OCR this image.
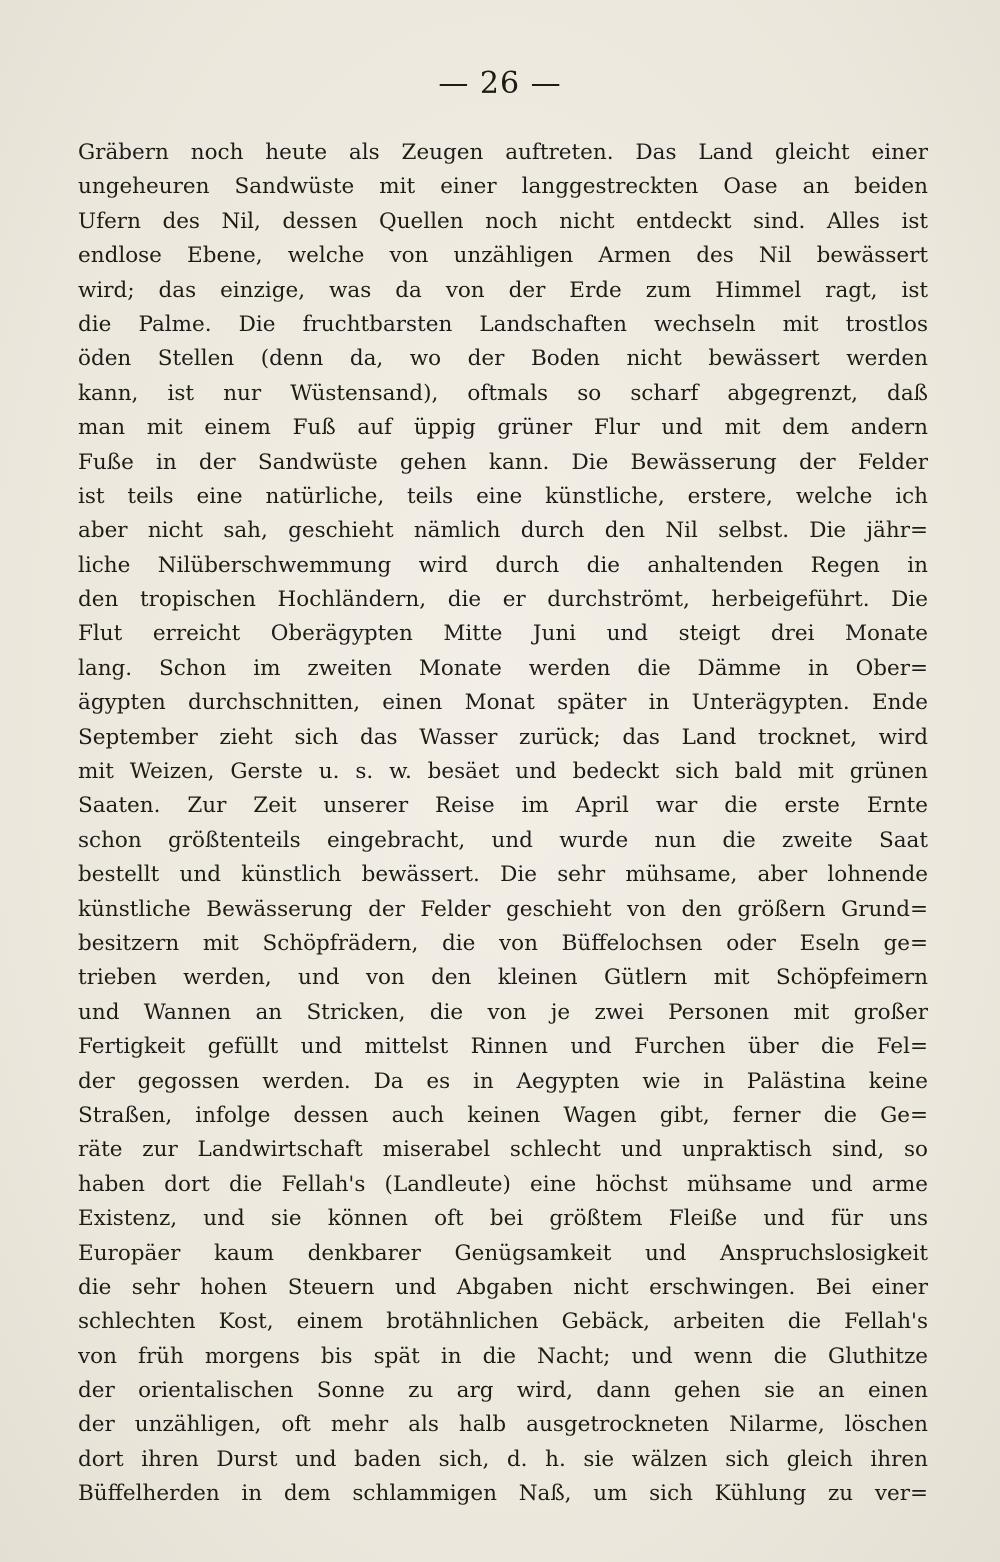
— 26 —
Gräbern noch heute als Zeugen auftreten. Das Land gleicht einer
ungeheuren Sandwüste mit einer langgestreckten Oase an beiden
Ufern des Nil, dessen Quellen noch nicht entdeckt sind. Alles ist
endlose Ebene, welche von unzähligen Armen des Nil bewässert
wird; das einzige, was da von der Erde zum Himmel ragt, ist
die Palme. Die fruchtbarsten Landschaften wechseln mit trostlos
öden Stellen (denn da, wo der Boden nicht bewässert werden
kann, ist nur Wüstensand), oftmals so scharf abgegrenzt, daß
man mit einem Fuß auf üppig grüner Flur und mit dem andern
Fuße in der Sandwüste gehen kann. Die Bewässerung der Felder
ist teils eine natürliche, teils eine künstliche, erstere, welche ich
aber nicht sah, geschieht nämlich durch den Nil selbst. Die jähr=
liche Nilüberschwemmung wird durch die anhaltenden Regen in
den tropischen Hochländern, die er durchströmt, herbeigeführt. Die
Flut erreicht Oberägypten Mitte Juni und steigt drei Monate
lang. Schon im zweiten Monate werden die Dämme in Ober=
ägypten durchschnitten, einen Monat später in Unterägypten. Ende
September zieht sich das Wasser zurück; das Land trocknet, wird
mit Weizen, Gerste u. s. w. besäet und bedeckt sich bald mit grünen
Saaten. Zur Zeit unserer Reise im April war die erste Ernte
schon größtenteils eingebracht, und wurde nun die zweite Saat
bestellt und künstlich bewässert. Die sehr mühsame, aber lohnende
künstliche Bewässerung der Felder geschieht von den größern Grund=
besitzern mit Schöpfrädern, die von Büffelochsen oder Eseln ge=
trieben werden, und von den kleinen Gütlern mit Schöpfeimern
und Wannen an Stricken, die von je zwei Personen mit großer
Fertigkeit gefüllt und mittelst Rinnen und Furchen über die Fel=
der gegossen werden. Da es in Aegypten wie in Palästina keine
Straßen, infolge dessen auch keinen Wagen gibt, ferner die Ge=
räte zur Landwirtschaft miserabel schlecht und unpraktisch sind, so
haben dort die Fellah's (Landleute) eine höchst mühsame und arme
Existenz, und sie können oft bei größtem Fleiße und für uns
Europäer kaum denkbarer Genügsamkeit und Anspruchslosigkeit
die sehr hohen Steuern und Abgaben nicht erschwingen. Bei einer
schlechten Kost, einem brotähnlichen Gebäck, arbeiten die Fellah's
von früh morgens bis spät in die Nacht; und wenn die Gluthitze
der orientalischen Sonne zu arg wird, dann gehen sie an einen
der unzähligen, oft mehr als halb ausgetrockneten Nilarme, löschen
dort ihren Durst und baden sich, d. h. sie wälzen sich gleich ihren
Büffelherden in dem schlammigen Naß, um sich Kühlung zu ver=
